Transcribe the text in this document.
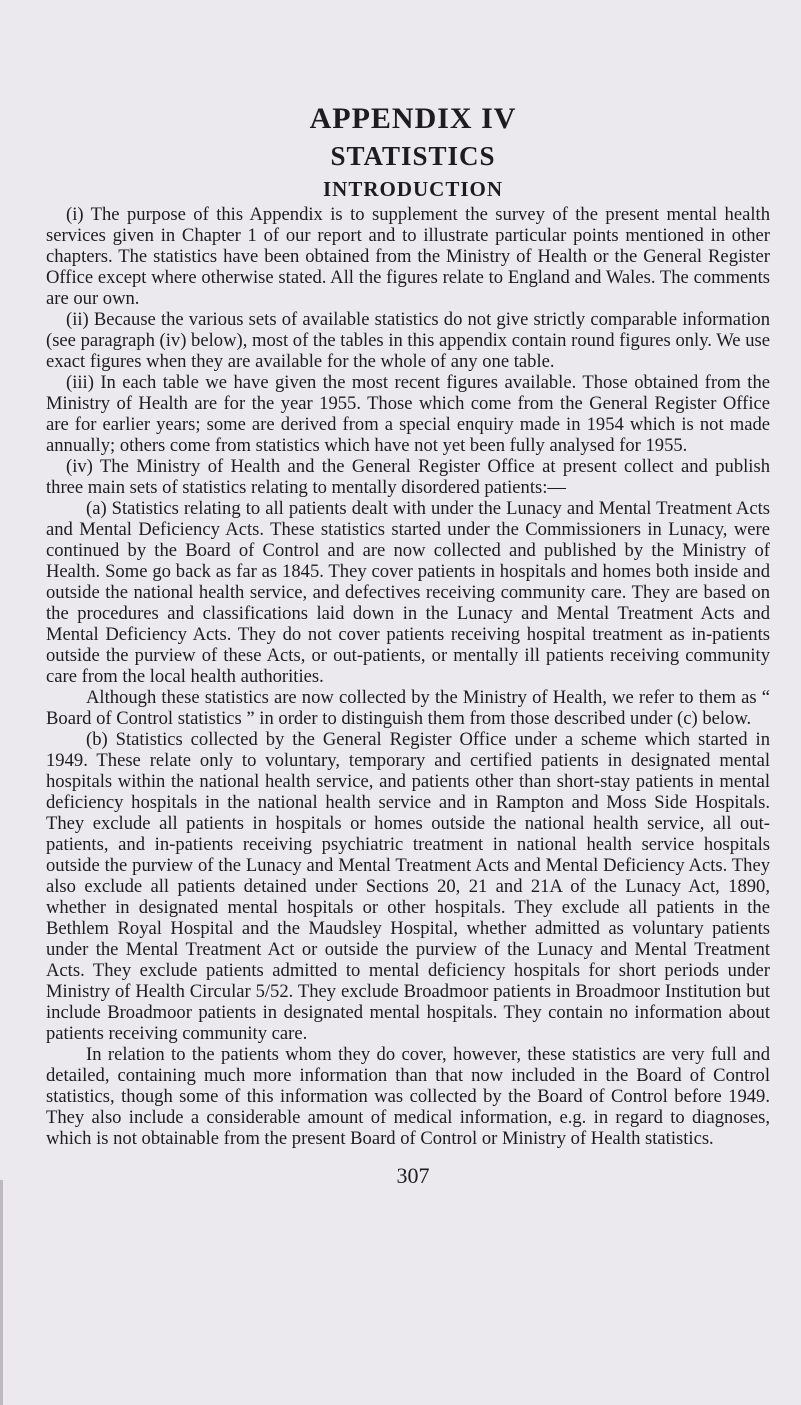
APPENDIX IV
STATISTICS
INTRODUCTION

(i) The purpose of this Appendix is to supplement the survey of the present mental health services given in Chapter 1 of our report and to illustrate particular points mentioned in other chapters. The statistics have been obtained from the Ministry of Health or the General Register Office except where otherwise stated. All the figures relate to England and Wales. The comments are our own.

(ii) Because the various sets of available statistics do not give strictly comparable information (see paragraph (iv) below), most of the tables in this appendix contain round figures only. We use exact figures when they are available for the whole of any one table.

(iii) In each table we have given the most recent figures available. Those obtained from the Ministry of Health are for the year 1955. Those which come from the General Register Office are for earlier years; some are derived from a special enquiry made in 1954 which is not made annually; others come from statistics which have not yet been fully analysed for 1955.

(iv) The Ministry of Health and the General Register Office at present collect and publish three main sets of statistics relating to mentally disordered patients:—

(a) Statistics relating to all patients dealt with under the Lunacy and Mental Treatment Acts and Mental Deficiency Acts. These statistics started under the Commissioners in Lunacy, were continued by the Board of Control and are now collected and published by the Ministry of Health. Some go back as far as 1845. They cover patients in hospitals and homes both inside and outside the national health service, and defectives receiving community care. They are based on the procedures and classifications laid down in the Lunacy and Mental Treatment Acts and Mental Deficiency Acts. They do not cover patients receiving hospital treatment as in-patients outside the purview of these Acts, or out-patients, or mentally ill patients receiving community care from the local health authorities.

Although these statistics are now collected by the Ministry of Health, we refer to them as “ Board of Control statistics ” in order to distinguish them from those described under (c) below.

(b) Statistics collected by the General Register Office under a scheme which started in 1949. These relate only to voluntary, temporary and certified patients in designated mental hospitals within the national health service, and patients other than short-stay patients in mental deficiency hospitals in the national health service and in Rampton and Moss Side Hospitals. They exclude all patients in hospitals or homes outside the national health service, all out-patients, and in-patients receiving psychiatric treatment in national health service hospitals outside the purview of the Lunacy and Mental Treatment Acts and Mental Deficiency Acts. They also exclude all patients detained under Sections 20, 21 and 21A of the Lunacy Act, 1890, whether in designated mental hospitals or other hospitals. They exclude all patients in the Bethlem Royal Hospital and the Maudsley Hospital, whether admitted as voluntary patients under the Mental Treatment Act or outside the purview of the Lunacy and Mental Treatment Acts. They exclude patients admitted to mental deficiency hospitals for short periods under Ministry of Health Circular 5/52. They exclude Broadmoor patients in Broadmoor Institution but include Broadmoor patients in designated mental hospitals. They contain no information about patients receiving community care.

In relation to the patients whom they do cover, however, these statistics are very full and detailed, containing much more information than that now included in the Board of Control statistics, though some of this information was collected by the Board of Control before 1949. They also include a considerable amount of medical information, e.g. in regard to diagnoses, which is not obtainable from the present Board of Control or Ministry of Health statistics.

307
